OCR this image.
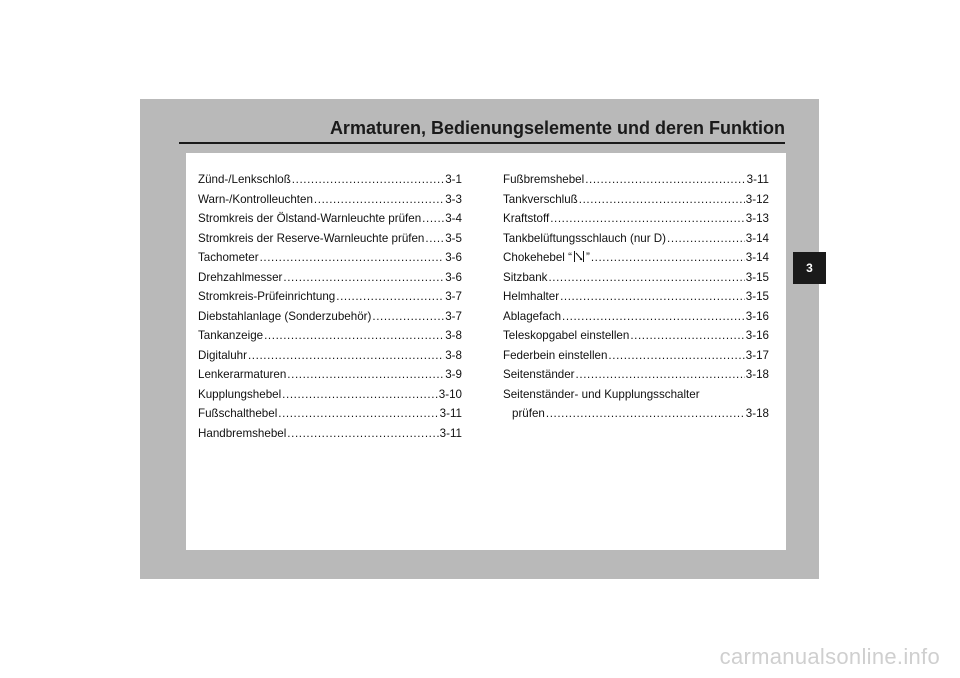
Armaturen, Bedienungselemente und deren Funktion
Zünd-/Lenkschloß .....	3-1
Warn-/Kontrolleuchten .....	3-3
Stromkreis der Ölstand-Warnleuchte prüfen ..... 3-4
Stromkreis der Reserve-Warnleuchte prüfen ..... 3-5
Tachometer .....	3-6
Drehzahlmesser .....	3-6
Stromkreis-Prüfeinrichtung .....	3-7
Diebstahlanlage (Sonderzubehör) .....	3-7
Tankanzeige .....	3-8
Digitaluhr .....	3-8
Lenkerarmaturen .....	3-9
Kupplungshebel .....	3-10
Fußschalthebel .....	3-11
Handbremshebel .....	3-11
Fußbremshebel .....	3-11
Tankverschluß .....	3-12
Kraftstoff .....	3-13
Tankbelüftungsschlauch (nur D) .....	3-14
Chokehebel “ ” .....	3-14
Sitzbank .....	3-15
Helmhalter .....	3-15
Ablagefach .....	3-16
Teleskopgabel einstellen .....	3-16
Federbein einstellen .....	3-17
Seitenständer .....	3-18
Seitenständer- und Kupplungsschalter
prüfen .....	3-18
3
carmanualsonline.info
